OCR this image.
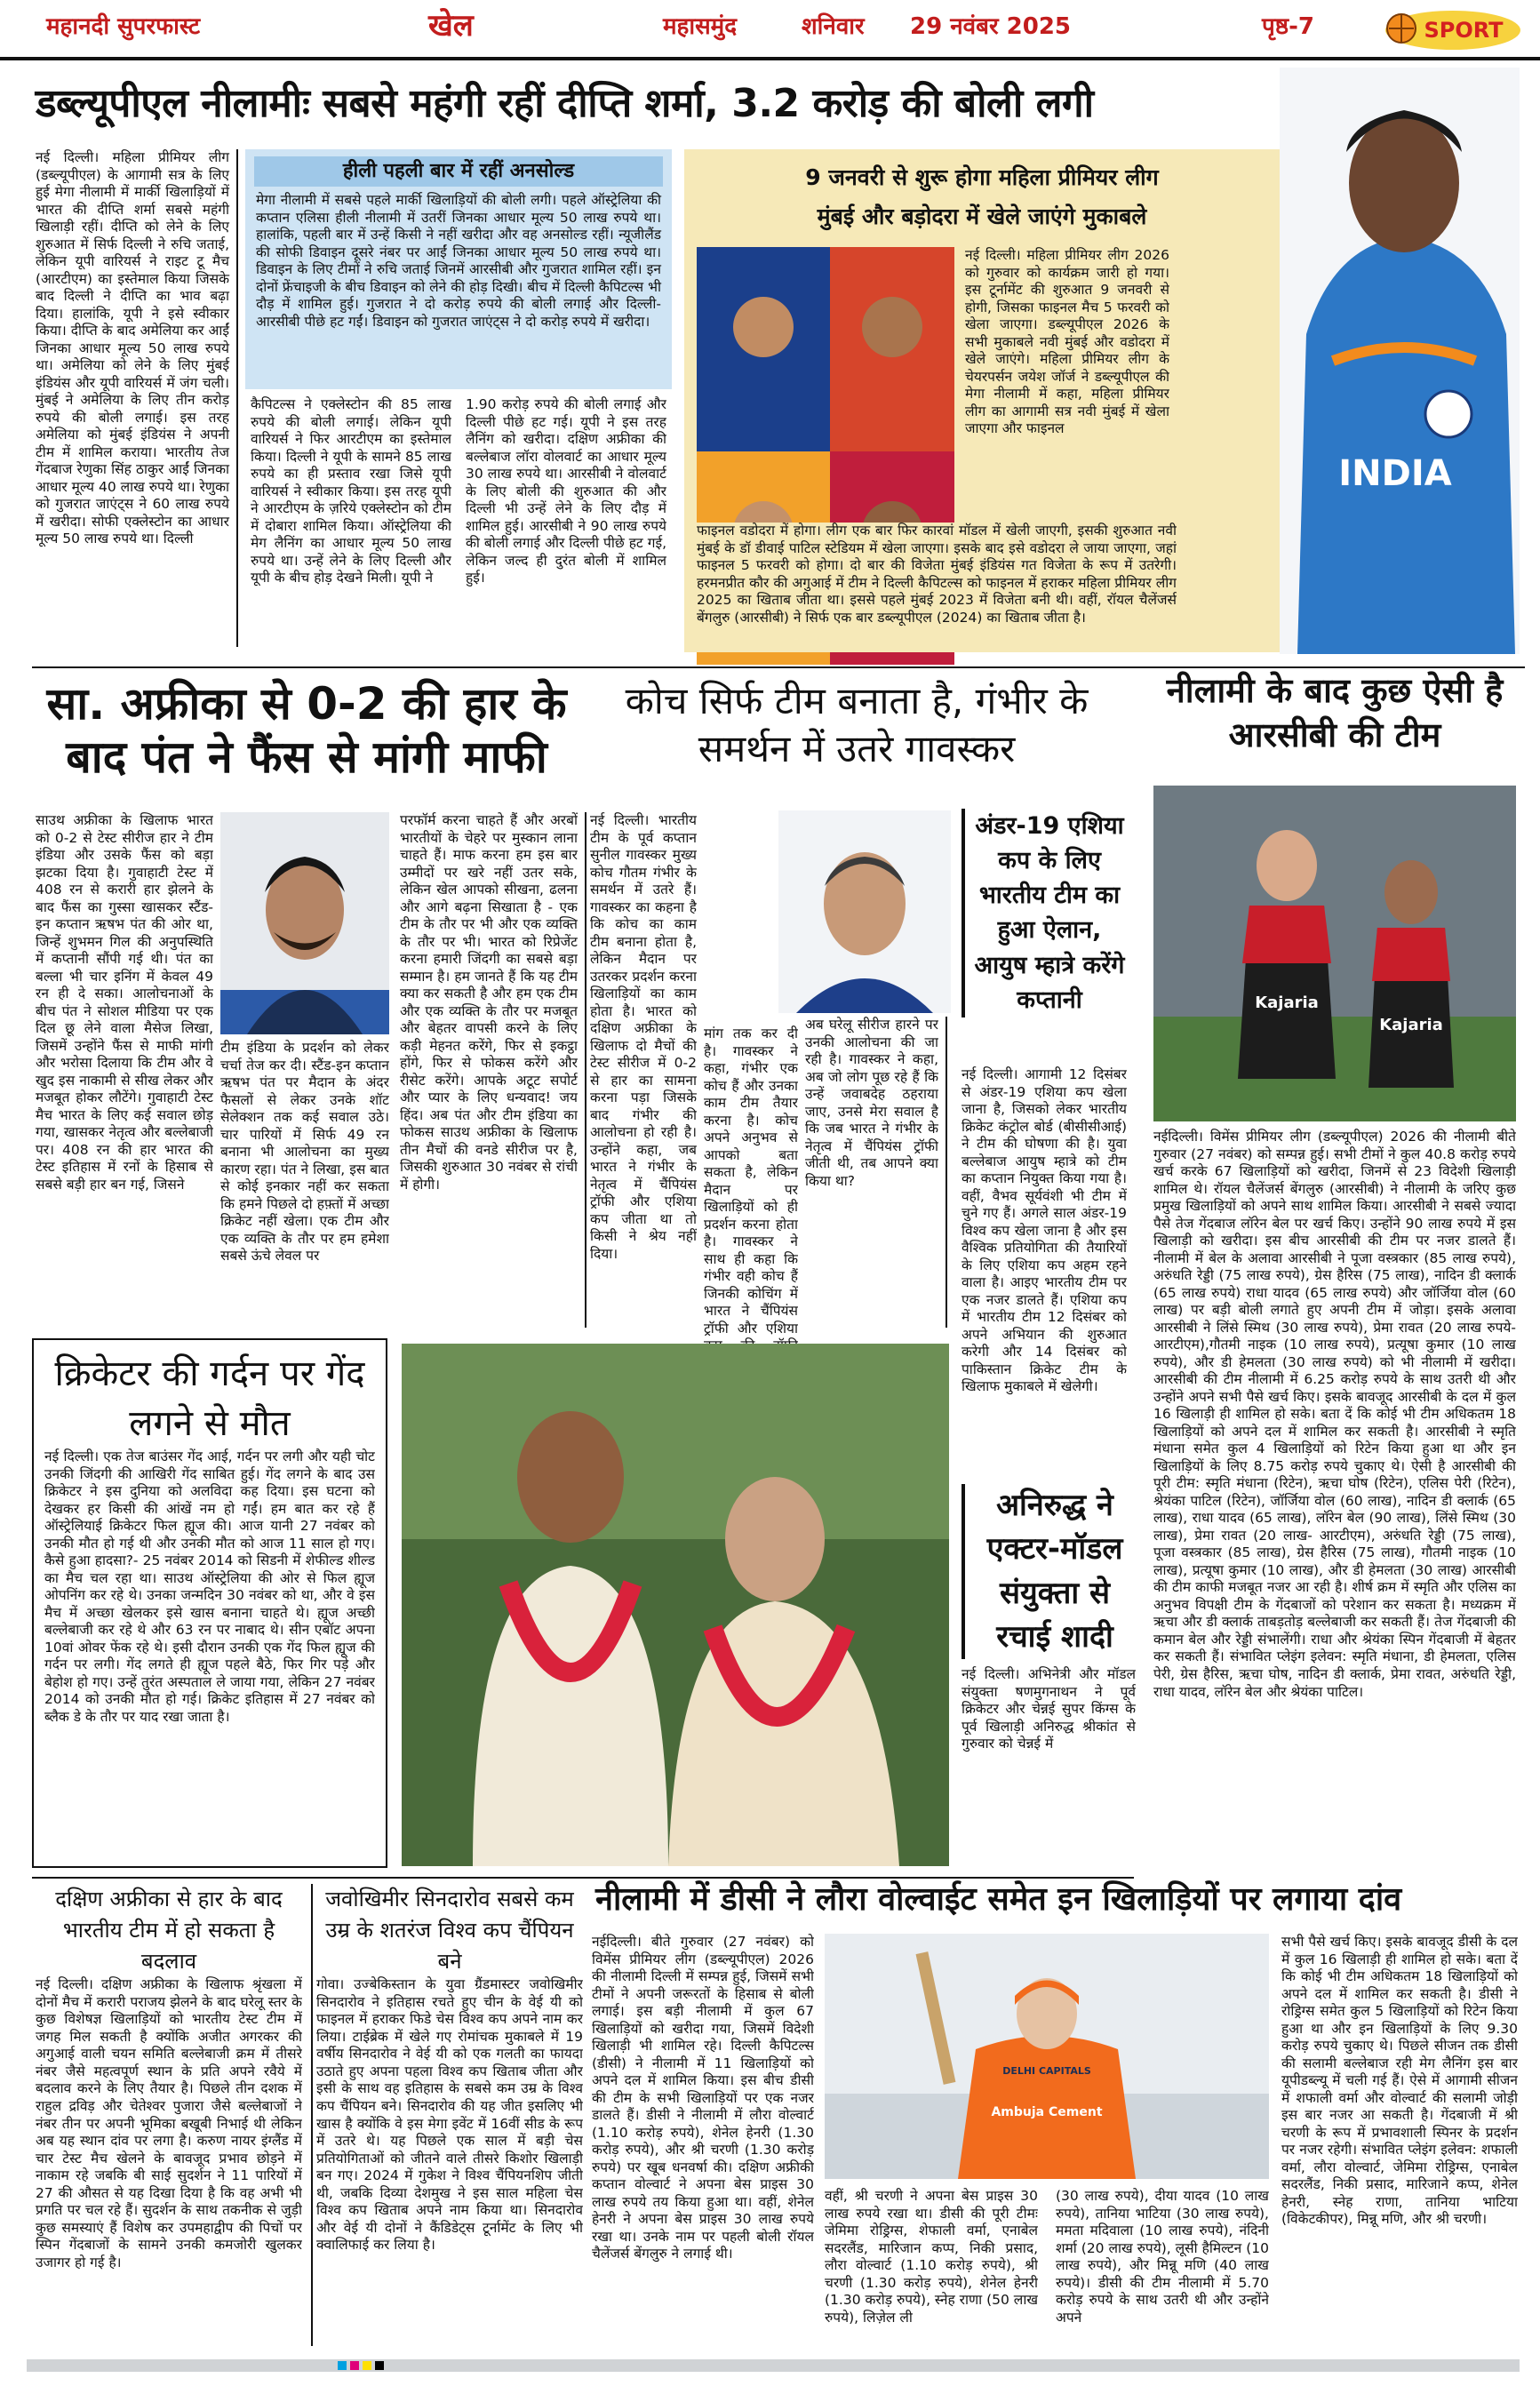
महानदी सुपरफास्ट	खेल	महासमुंद	शनिवार 29 नवंबर 2025	पृष्ठ-7	SPORT
डब्ल्यूपीएल नीलामीः सबसे महंगी रहीं दीप्ति शर्मा, 3.2 करोड़ की बोली लगी
INDIA

नई दिल्ली। महिला प्रीमियर लीग (डब्ल्यूपीएल) के आगामी सत्र के लिए हुई मेगा नीलामी में मार्की खिलाड़ियों में भारत की दीप्ति शर्मा सबसे महंगी खिलाड़ी रहीं। दीप्ति को लेने के लिए शुरुआत में सिर्फ दिल्ली ने रुचि जताई, लेकिन यूपी वारियर्स ने राइट टू मैच (आरटीएम) का इस्तेमाल किया जिसके बाद दिल्ली ने दीप्ति का भाव बढ़ा दिया। हालांकि, यूपी ने इसे स्वीकार किया। दीप्ति के बाद अमेलिया कर आईं जिनका आधार मूल्य 50 लाख रुपये था। अमेलिया को लेने के लिए मुंबई इंडियंस और यूपी वारियर्स में जंग चली। मुंबई ने अमेलिया के लिए तीन करोड़ रुपये की बोली लगाई। इस तरह अमेलिया को मुंबई इंडियंस ने अपनी टीम में शामिल कराया। भारतीय तेज गेंदबाज रेणुका सिंह ठाकुर आईं जिनका आधार मूल्य 40 लाख रुपये था। रेणुका को गुजरात जाएंट्स ने 60 लाख रुपये में खरीदा। सोफी एक्लेस्टोन का आधार मूल्य 50 लाख रुपये था। दिल्ली

हीली पहली बार में रहीं अनसोल्ड

मेगा नीलामी में सबसे पहले मार्की खिलाड़ियों की बोली लगी। पहले ऑस्ट्रेलिया की कप्तान एलिसा हीली नीलामी में उतरीं जिनका आधार मूल्य 50 लाख रुपये था। हालांकि, पहली बार में उन्हें किसी ने नहीं खरीदा और वह अनसोल्ड रहीं। न्यूजीलैंड की सोफी डिवाइन दूसरे नंबर पर आईं जिनका आधार मूल्य 50 लाख रुपये था। डिवाइन के लिए टीमों ने रुचि जताई जिनमें आरसीबी और गुजरात शामिल रहीं। इन दोनों फ्रेंचाइजी के बीच डिवाइन को लेने की होड़ दिखी। बीच में दिल्ली कैपिटल्स भी दौड़ में शामिल हुई। गुजरात ने दो करोड़ रुपये की बोली लगाई और दिल्ली-आरसीबी पीछे हट गईं। डिवाइन को गुजरात जाएंट्स ने दो करोड़ रुपये में खरीदा।

कैपिटल्स ने एक्लेस्टोन की 85 लाख रुपये की बोली लगाई। लेकिन यूपी वारियर्स ने फिर आरटीएम का इस्तेमाल किया। दिल्ली ने यूपी के सामने 85 लाख रुपये का ही प्रस्ताव रखा जिसे यूपी वारियर्स ने स्वीकार किया। इस तरह यूपी ने आरटीएम के ज़रिये एक्लेस्टोन को टीम में दोबारा शामिल किया। ऑस्ट्रेलिया की मेग लैनिंग का आधार मूल्य 50 लाख रुपये था। उन्हें लेने के लिए दिल्ली और यूपी के बीच होड़ देखने मिली। यूपी ने

1.90 करोड़ रुपये की बोली लगाई और दिल्ली पीछे हट गई। यूपी ने इस तरह लैनिंग को खरीदा। दक्षिण अफ्रीका की बल्लेबाज लॉरा वोलवार्ट का आधार मूल्य 30 लाख रुपये था। आरसीबी ने वोलवार्ट के लिए बोली की शुरुआत की और दिल्ली भी उन्हें लेने के लिए दौड़ में शामिल हुई। आरसीबी ने 90 लाख रुपये की बोली लगाई और दिल्ली पीछे हट गई, लेकिन जल्द ही दुरंत बोली में शामिल हुई।

9 जनवरी से शुरू होगा महिला प्रीमियर लीग
मुंबई और बड़ोदरा में खेले जाएंगे मुकाबले

नई दिल्ली। महिला प्रीमियर लीग 2026 को गुरुवार को कार्यक्रम जारी हो गया। इस टूर्नामेंट की शुरुआत 9 जनवरी से होगी, जिसका फाइनल मैच 5 फरवरी को खेला जाएगा। डब्ल्यूपीएल 2026 के सभी मुकाबले नवी मुंबई और वडोदरा में खेले जाएंगे। महिला प्रीमियर लीग के चेयरपर्सन जयेश जॉर्ज ने डब्ल्यूपीएल की मेगा नीलामी में कहा, महिला प्रीमियर लीग का आगामी सत्र नवी मुंबई में खेला जाएगा और फाइनल

फाइनल वडोदरा में होगा। लीग एक बार फिर कारवां मॉडल में खेली जाएगी, इसकी शुरुआत नवी मुंबई के डॉ डीवाई पाटिल स्टेडियम में खेला जाएगा। इसके बाद इसे वडोदरा ले जाया जाएगा, जहां फाइनल 5 फरवरी को होगा। दो बार की विजेता मुंबई इंडियंस गत विजेता के रूप में उतरेगी। हरमनप्रीत कौर की अगुआई में टीम ने दिल्ली कैपिटल्स को फाइनल में हराकर महिला प्रीमियर लीग 2025 का खिताब जीता था। इससे पहले मुंबई 2023 में विजेता बनी थी। वहीं, रॉयल चैलेंजर्स बेंगलुरु (आरसीबी) ने सिर्फ एक बार डब्ल्यूपीएल (2024) का खिताब जीता है।

सा. अफ्रीका से 0-2 की हार के बाद पंत ने फैंस से मांगी माफी

साउथ अफ्रीका के खिलाफ भारत को 0-2 से टेस्ट सीरीज हार ने टीम इंडिया और उसके फैंस को बड़ा झटका दिया है। गुवाहाटी टेस्ट में 408 रन से करारी हार झेलने के बाद फैंस का गुस्सा खासकर स्टैंड-इन कप्तान ऋषभ पंत की ओर था, जिन्हें शुभमन गिल की अनुपस्थिति में कप्तानी सौंपी गई थी। पंत का बल्ला भी चार इनिंग में केवल 49 रन ही दे सका। आलोचनाओं के बीच पंत ने सोशल मीडिया पर एक दिल छू लेने वाला मैसेज लिखा, जिसमें उन्होंने फैंस से माफी मांगी और भरोसा दिलाया कि टीम और वे खुद इस नाकामी से सीख लेकर और मजबूत होकर लौटेंगे। गुवाहाटी टेस्ट मैच भारत के लिए कई सवाल छोड़ गया, खासकर नेतृत्व और बल्लेबाजी पर। 408 रन की हार भारत की टेस्ट इतिहास में रनों के हिसाब से सबसे बड़ी हार बन गई, जिसने

टीम इंडिया के प्रदर्शन को लेकर चर्चा तेज कर दी। स्टैंड-इन कप्तान ऋषभ पंत पर मैदान के अंदर फैसलों से लेकर उनके शॉट सेलेक्शन तक कई सवाल उठे। चार पारियों में सिर्फ 49 रन बनाना भी आलोचना का मुख्य कारण रहा। पंत ने लिखा, इस बात से कोई इनकार नहीं कर सकता कि हमने पिछले दो हफ़्तों में अच्छा क्रिकेट नहीं खेला। एक टीम और एक व्यक्ति के तौर पर हम हमेशा सबसे ऊंचे लेवल पर

परफॉर्म करना चाहते हैं और अरबों भारतीयों के चेहरे पर मुस्कान लाना चाहते हैं। माफ करना हम इस बार उम्मीदों पर खरे नहीं उतर सके, लेकिन खेल आपको सीखना, ढलना और आगे बढ़ना सिखाता है - एक टीम के तौर पर भी और एक व्यक्ति के तौर पर भी। भारत को रिप्रेजेंट करना हमारी जिंदगी का सबसे बड़ा सम्मान है। हम जानते हैं कि यह टीम क्या कर सकती है और हम एक टीम और एक व्यक्ति के तौर पर मजबूत और बेहतर वापसी करने के लिए कड़ी मेहनत करेंगे, फिर से इकट्ठा होंगे, फिर से फोकस करेंगे और रीसेट करेंगे। आपके अटूट सपोर्ट और प्यार के लिए धन्यवाद! जय हिंद। अब पंत और टीम इंडिया का फोकस साउथ अफ्रीका के खिलाफ तीन मैचों की वनडे सीरीज पर है, जिसकी शुरुआत 30 नवंबर से रांची में होगी।

कोच सिर्फ टीम बनाता है, गंभीर के समर्थन में उतरे गावस्कर

नई दिल्ली। भारतीय टीम के पूर्व कप्तान सुनील गावस्कर मुख्य कोच गौतम गंभीर के समर्थन में उतरे हैं। गावस्कर का कहना है कि कोच का काम टीम बनाना होता है, लेकिन मैदान पर उतरकर प्रदर्शन करना खिलाड़ियों का काम होता है। भारत को दक्षिण अफ्रीका के खिलाफ दो मैचों की टेस्ट सीरीज में 0-2 से हार का सामना करना पड़ा जिसके बाद गंभीर की आलोचना हो रही है। उन्होंने कहा, जब भारत ने गंभीर के नेतृत्व में चैंपियंस ट्रॉफी और एशिया कप जीता था तो किसी ने श्रेय नहीं दिया।

मांग तक कर दी है। गावस्कर ने कहा, गंभीर एक कोच हैं और उनका काम टीम तैयार करना है। कोच अपने अनुभव से आपको बता सकता है, लेकिन मैदान पर खिलाड़ियों को ही प्रदर्शन करना होता है। गावस्कर ने साथ ही कहा कि गंभीर वही कोच हैं जिनकी कोचिंग में भारत ने चैंपियंस ट्रॉफी और एशिया

अब घरेलू सीरीज हारने पर उनकी आलोचना की जा रही है। गावस्कर ने कहा, अब जो लोग पूछ रहे हैं कि उन्हें जवाबदेह ठहराया जाए, उनसे मेरा सवाल है कि जब भारत ने गंभीर के नेतृत्व में चैंपियंस ट्रॉफी जीती थी, तब आपने क्या किया था?

अंडर-19 एशिया कप के लिए भारतीय टीम का हुआ ऐलान, आयुष म्हात्रे करेंगे कप्तानी

नई दिल्ली। आगामी 12 दिसंबर से अंडर-19 एशिया कप खेला जाना है, जिसको लेकर भारतीय क्रिकेट कंट्रोल बोर्ड (बीसीसीआई) ने टीम की घोषणा की है। युवा बल्लेबाज आयुष म्हात्रे को टीम का कप्तान नियुक्त किया गया है। वहीं, वैभव सूर्यवंशी भी टीम में चुने गए हैं। अगले साल अंडर-19 विश्व कप खेला जाना है और इस वैश्विक प्रतियोगिता की तैयारियों के लिए एशिया कप अहम रहने वाला है। आइए भारतीय टीम पर एक नजर डालते हैं। एशिया कप में भारतीय टीम 12 दिसंबर को अपने अभियान की शुरुआत करेगी और 14 दिसंबर को पाकिस्तान क्रिकेट टीम के खिलाफ मुकाबले में खेलेगी।

नीलामी के बाद कुछ ऐसी है आरसीबी की टीम
Kajaria
Kajaria

नईदिल्ली। विमेंस प्रीमियर लीग (डब्ल्यूपीएल) 2026 की नीलामी बीते गुरुवार (27 नवंबर) को सम्पन्न हुई। सभी टीमों ने कुल 40.8 करोड़ रुपये खर्च करके 67 खिलाड़ियों को खरीदा, जिनमें से 23 विदेशी खिलाड़ी शामिल थे। रॉयल चैलेंजर्स बेंगलुरु (आरसीबी) ने नीलामी के जरिए कुछ प्रमुख खिलाड़ियों को अपने साथ शामिल किया। आरसीबी ने सबसे ज्यादा पैसे तेज गेंदबाज लॉरेन बेल पर खर्च किए। उन्होंने 90 लाख रुपये में इस खिलाड़ी को खरीदा। इस बीच आरसीबी की टीम पर नजर डालते हैं। नीलामी में बेल के अलावा आरसीबी ने पूजा वस्त्रकार (85 लाख रुपये), अरुंधति रेड्डी (75 लाख रुपये), ग्रेस हैरिस (75 लाख), नादिन डी क्लार्क (65 लाख रुपये) राधा यादव (65 लाख रुपये) और जॉर्जिया वोल (60 लाख) पर बड़ी बोली लगाते हुए अपनी टीम में जोड़ा। इसके अलावा आरसीबी ने लिंसे स्मिथ (30 लाख रुपये), प्रेमा रावत (20 लाख रुपये- आरटीएम),गौतमी नाइक (10 लाख रुपये), प्रत्यूषा कुमार (10 लाख रुपये), और डी हेमलता (30 लाख रुपये) को भी नीलामी में खरीदा। आरसीबी की टीम नीलामी में 6.25 करोड़ रुपये के साथ उतरी थी और उन्होंने अपने सभी पैसे खर्च किए। इसके बावजूद आरसीबी के दल में कुल 16 खिलाड़ी ही शामिल हो सके। बता दें कि कोई भी टीम अधिकतम 18 खिलाड़ियों को अपने दल में शामिल कर सकती है। आरसीबी ने स्मृति मंधाना समेत कुल 4 खिलाड़ियों को रिटेन किया हुआ था और इन खिलाड़ियों के लिए 8.75 करोड़ रुपये चुकाए थे। ऐसी है आरसीबी की पूरी टीम: स्मृति मंधाना (रिटेन), ऋचा घोष (रिटेन), एलिस पेरी (रिटेन), श्रेयंका पाटिल (रिटेन), जॉर्जिया वोल (60 लाख), नादिन डी क्लार्क (65 लाख), राधा यादव (65 लाख), लॉरेन बेल (90 लाख), लिंसे स्मिथ (30 लाख), प्रेमा रावत (20 लाख- आरटीएम), अरुंधति रेड्डी (75 लाख), पूजा वस्त्रकार (85 लाख), ग्रेस हैरिस (75 लाख), गौतमी नाइक (10 लाख), प्रत्यूषा कुमार (10 लाख), और डी हेमलता (30 लाख) आरसीबी की टीम काफी मजबूत नजर आ रही है। शीर्ष क्रम में स्मृति और एलिस का अनुभव विपक्षी टीम के गेंदबाजों को परेशान कर सकता है। मध्यक्रम में ऋचा और डी क्लार्क ताबड़तोड़ बल्लेबाजी कर सकती हैं। तेज गेंदबाजी की कमान बेल और रेड्डी संभालेंगी। राधा और श्रेयंका स्पिन गेंदबाजी में बेहतर कर सकती हैं। संभावित प्लेइंग इलेवन: स्मृति मंधाना, डी हेमलता, एलिस पेरी, ग्रेस हैरिस, ऋचा घोष, नादिन डी क्लार्क, प्रेमा रावत, अरुंधति रेड्डी, राधा यादव, लॉरेन बेल और श्रेयंका पाटिल।

क्रिकेटर की गर्दन पर गेंद लगने से मौत

नई दिल्ली। एक तेज बाउंसर गेंद आई, गर्दन पर लगी और यही चोट उनकी जिंदगी की आखिरी गेंद साबित हुई। गेंद लगने के बाद उस क्रिकेटर ने इस दुनिया को अलविदा कह दिया। इस घटना को देखकर हर किसी की आंखें नम हो गईं। हम बात कर रहे हैं ऑस्ट्रेलियाई क्रिकेटर फिल ह्यूज की। आज यानी 27 नवंबर को उनकी मौत हो गई थी और उनकी मौत को आज 11 साल हो गए। कैसे हुआ हादसा?- 25 नवंबर 2014 को सिडनी में शेफील्ड शील्ड का मैच चल रहा था। साउथ ऑस्ट्रेलिया की ओर से फिल ह्यूज ओपनिंग कर रहे थे। उनका जन्मदिन 30 नवंबर को था, और वे इस मैच में अच्छा खेलकर इसे खास बनाना चाहते थे। ह्यूज अच्छी बल्लेबाजी कर रहे थे और 63 रन पर नाबाद थे। सीन एबॉट अपना 10वां ओवर फेंक रहे थे। इसी दौरान उनकी एक गेंद फिल ह्यूज की गर्दन पर लगी। गेंद लगते ही ह्यूज पहले बैठे, फिर गिर पड़े और बेहोश हो गए। उन्हें तुरंत अस्पताल ले जाया गया, लेकिन 27 नवंबर 2014 को उनकी मौत हो गई। क्रिकेट इतिहास में 27 नवंबर को ब्लैक डे के तौर पर याद रखा जाता है।

अनिरुद्ध ने एक्टर-मॉडल संयुक्ता से रचाई शादी

नई दिल्ली। अभिनेत्री और मॉडल संयुक्ता षणमुगनाथन ने पूर्व क्रिकेटर और चेन्नई सुपर किंग्स के पूर्व खिलाड़ी अनिरुद्ध श्रीकांत से गुरुवार को चेन्नई में

दक्षिण अफ्रीका से हार के बाद भारतीय टीम में हो सकता है बदलाव

नई दिल्ली। दक्षिण अफ्रीका के खिलाफ श्रृंखला में दोनों मैच में करारी पराजय झेलने के बाद घरेलू स्तर के कुछ विशेषज्ञ खिलाड़ियों को भारतीय टेस्ट टीम में जगह मिल सकती है क्योंकि अजीत अगरकर की अगुआई वाली चयन समिति बल्लेबाजी क्रम में तीसरे नंबर जैसे महत्वपूर्ण स्थान के प्रति अपने रवैये में बदलाव करने के लिए तैयार है। पिछले तीन दशक में राहुल द्रविड़ और चेतेश्वर पुजारा जैसे बल्लेबाजों ने नंबर तीन पर अपनी भूमिका बखूबी निभाई थी लेकिन अब यह स्थान दांव पर लगा है। करुण नायर इंग्लैंड में चार टेस्ट मैच खेलने के बावजूद प्रभाव छोड़ने में नाकाम रहे जबकि बी साई सुदर्शन ने 11 पारियों में 27 की औसत से यह दिखा दिया है कि वह अभी भी प्रगति पर चल रहे हैं। सुदर्शन के साथ तकनीक से जुड़ी कुछ समस्याएं हैं विशेष कर उपमहाद्वीप की पिचों पर स्पिन गेंदबाजों के सामने उनकी कमजोरी खुलकर उजागर हो गई है।

जवोखिमीर सिनदारोव सबसे कम उम्र के शतरंज विश्व कप चैंपियन बने

गोवा। उज्बेकिस्तान के युवा ग्रैंडमास्टर जवोखिमीर सिनदारोव ने इतिहास रचते हुए चीन के वेई यी को फाइनल में हराकर फिडे चेस विश्व कप अपने नाम कर लिया। टाईब्रेक में खेले गए रोमांचक मुकाबले में 19 वर्षीय सिनदारोव ने वेई यी को एक गलती का फायदा उठाते हुए अपना पहला विश्व कप खिताब जीता और इसी के साथ वह इतिहास के सबसे कम उम्र के विश्व कप चैंपियन बने। सिनदारोव की यह जीत इसलिए भी खास है क्योंकि वे इस मेगा इवेंट में 16वीं सीड के रूप में उतरे थे। यह पिछले एक साल में बड़ी चेस प्रतियोगिताओं को जीतने वाले तीसरे किशोर खिलाड़ी बन गए। 2024 में गुकेश ने विश्व चैंपियनशिप जीती थी, जबकि दिव्या देशमुख ने इस साल महिला चेस विश्व कप खिताब अपने नाम किया था। सिनदारोव और वेई यी दोनों ने कैंडिडेट्स टूर्नामेंट के लिए भी क्वालिफाई कर लिया है।

नीलामी में डीसी ने लौरा वोल्वाईट समेत इन खिलाड़ियों पर लगाया दांव

नईदिल्ली। बीते गुरुवार (27 नवंबर) को विमेंस प्रीमियर लीग (डब्ल्यूपीएल) 2026 की नीलामी दिल्ली में सम्पन्न हुई, जिसमें सभी टीमों ने अपनी जरूरतों के हिसाब से बोली लगाई। इस बड़ी नीलामी में कुल 67 खिलाड़ियों को खरीदा गया, जिसमें विदेशी खिलाड़ी भी शामिल रहे। दिल्ली कैपिटल्स (डीसी) ने नीलामी में 11 खिलाड़ियों को अपने दल में शामिल किया। इस बीच डीसी की टीम के सभी खिलाड़ियों पर एक नजर डालते हैं। डीसी ने नीलामी में लौरा वोल्वार्ट (1.10 करोड़ रुपये), शेनेल हेनरी (1.30 करोड़ रुपये), और श्री चरणी (1.30 करोड़ रुपये) पर खूब धनवर्षा की। दक्षिण अफ्रीकी कप्तान वोल्वार्ट ने अपना बेस प्राइस 30 लाख रुपये तय किया हुआ था। वहीं, शेनेल हेनरी ने अपना बेस प्राइस 30 लाख रुपये रखा था। उनके नाम पर पहली बोली रॉयल चैलेंजर्स बेंगलुरु ने लगाई थी।

Ambuja Cement
DELHI CAPITALS

वहीं, श्री चरणी ने अपना बेस प्राइस 30 लाख रुपये रखा था। डीसी की पूरी टीमः जेमिमा रोड्रिग्स, शेफाली वर्मा, एनाबेल सदरलैंड, मारिजान कप्प, निकी प्रसाद, लौरा वोल्वार्ट (1.10 करोड़ रुपये), श्री चरणी (1.30 करोड़ रुपये), शेनेल हेनरी (1.30 करोड़ रुपये), स्नेह राणा (50 लाख रुपये), लिज़ेल ली

(30 लाख रुपये), दीया यादव (10 लाख रुपये), तानिया भाटिया (30 लाख रुपये), ममता मदिवाला (10 लाख रुपये), नंदिनी शर्मा (20 लाख रुपये), लूसी हैमिल्टन (10 लाख रुपये), और मिन्नू मणि (40 लाख रुपये)। डीसी की टीम नीलामी में 5.70 करोड़ रुपये के साथ उतरी थी और उन्होंने अपने

सभी पैसे खर्च किए। इसके बावजूद डीसी के दल में कुल 16 खिलाड़ी ही शामिल हो सके। बता दें कि कोई भी टीम अधिकतम 18 खिलाड़ियों को अपने दल में शामिल कर सकती है। डीसी ने रोड्रिग्स समेत कुल 5 खिलाड़ियों को रिटेन किया हुआ था और इन खिलाड़ियों के लिए 9.30 करोड़ रुपये चुकाए थे। पिछले सीजन तक डीसी की सलामी बल्लेबाज रही मेग लैनिंग इस बार यूपीडब्ल्यू में चली गई हैं। ऐसे में आगामी सीजन में शफाली वर्मा और वोल्वार्ट की सलामी जोड़ी इस बार नजर आ सकती है। गेंदबाजी में श्री चरणी के रूप में प्रभावशाली स्पिनर के प्रदर्शन पर नजर रहेगी। संभावित प्लेइंग इलेवन: शफाली वर्मा, लौरा वोल्वार्ट, जेमिमा रोड्रिग्स, एनाबेल सदरलैंड, निकी प्रसाद, मारिजाने कप्प, शेनेल हेनरी, स्नेह राणा, तानिया भाटिया (विकेटकीपर), मिन्नू मणि, और श्री चरणी।
